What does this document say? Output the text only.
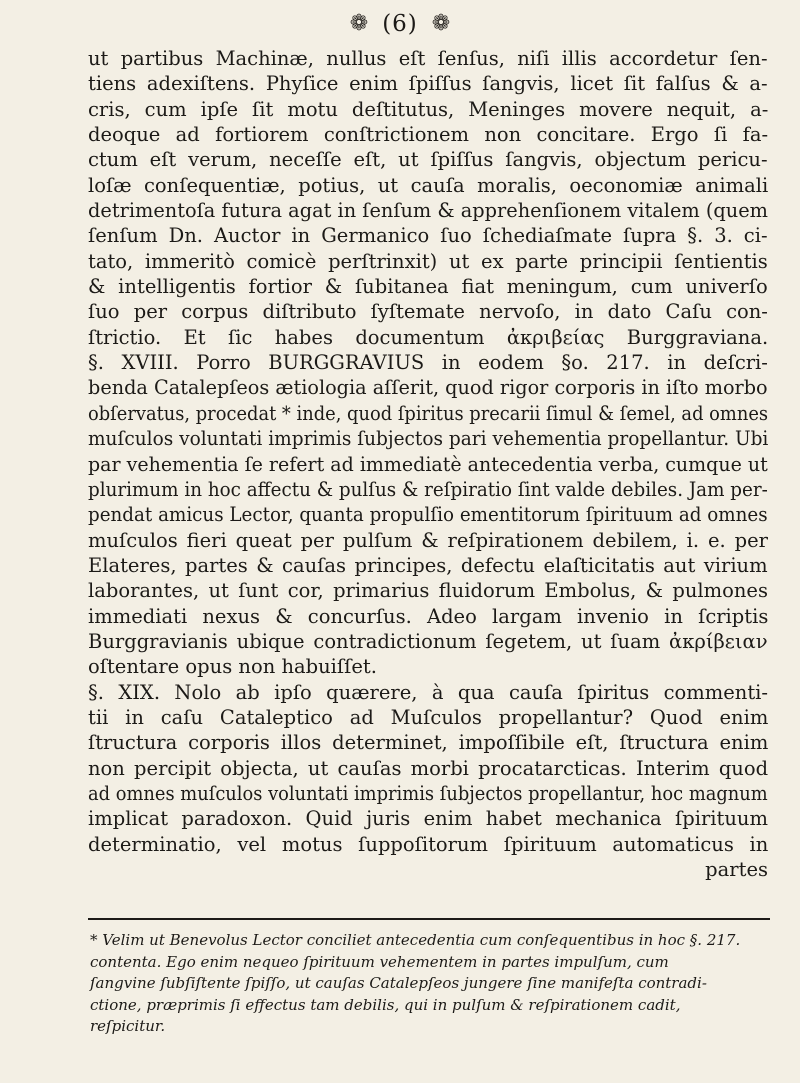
❁ (6) ❁
ut partibus Machinæ, nullus eſt ſenſus, niſi illis accordetur ſen-
tiens adexiſtens. Phyſice enim ſpiſſus ſangvis, licet ſit falſus & a-
cris, cum ipſe ſit motu deſtitutus, Meninges movere nequit, a-
deoque ad fortiorem conſtrictionem non concitare. Ergo ſi fa-
ctum eſt verum, neceſſe eſt, ut ſpiſſus ſangvis, objectum pericu-
loſæ conſequentiæ, potius, ut cauſa moralis, oeconomiæ animali
detrimentoſa futura agat in ſenſum & apprehenſionem vitalem (quem
ſenſum Dn. Auctor in Germanico ſuo ſchediaſmate ſupra §. 3. ci-
tato, immeritò comicè perſtrinxit) ut ex parte principii ſentientis
& intelligentis fortior & ſubitanea fiat meningum, cum univerſo
ſuo per corpus diſtributo ſyſtemate nervoſo, in dato Caſu con-
ſtrictio. Et ſic habes documentum ἀκριβείας Burggraviana.
§. XVIII. Porro BURGGRAVIUS in eodem §o. 217. in deſcri-
benda Catalepſeos ætiologia aſſerit, quod rigor corporis in iſto morbo
obſervatus, procedat * inde, quod ſpiritus precarii ſimul & ſemel, ad omnes
muſculos voluntati imprimis ſubjectos pari vehementia propellantur. Ubi
par vehementia ſe refert ad immediatè antecedentia verba, cumque ut
plurimum in hoc affectu & pulſus & reſpiratio ſint valde debiles. Jam per-
pendat amicus Lector, quanta propulſio ementitorum ſpirituum ad omnes
muſculos fieri queat per pulſum & reſpirationem debilem, i. e. per
Elateres, partes & cauſas principes, defectu elaſticitatis aut virium
laborantes, ut ſunt cor, primarius fluidorum Embolus, & pulmones
immediati nexus & concurſus. Adeo largam invenio in ſcriptis
Burggravianis ubique contradictionum ſegetem, ut ſuam ἀκρίβειαν
oſtentare opus non habuiſſet.
§. XIX. Nolo ab ipſo quærere, à qua cauſa ſpiritus commenti-
tii in caſu Cataleptico ad Muſculos propellantur? Quod enim
ſtructura corporis illos determinet, impoſſibile eſt, ſtructura enim
non percipit objecta, ut cauſas morbi procatarcticas. Interim quod
ad omnes muſculos voluntati imprimis ſubjectos propellantur, hoc magnum
implicat paradoxon. Quid juris enim habet mechanica ſpirituum
determinatio, vel motus ſuppoſitorum ſpirituum automaticus in
partes
* Velim ut Benevolus Lector conciliet antecedentia cum conſequentibus in hoc §. 217.
contenta. Ego enim nequeo ſpirituum vehementem in partes impulſum, cum
ſangvine ſubſiſtente ſpiſſo, ut cauſas Catalepſeos jungere ſine manifeſta contradi-
ctione, præprimis ſi effectus tam debilis, qui in pulſum & reſpirationem cadit,
reſpicitur.
